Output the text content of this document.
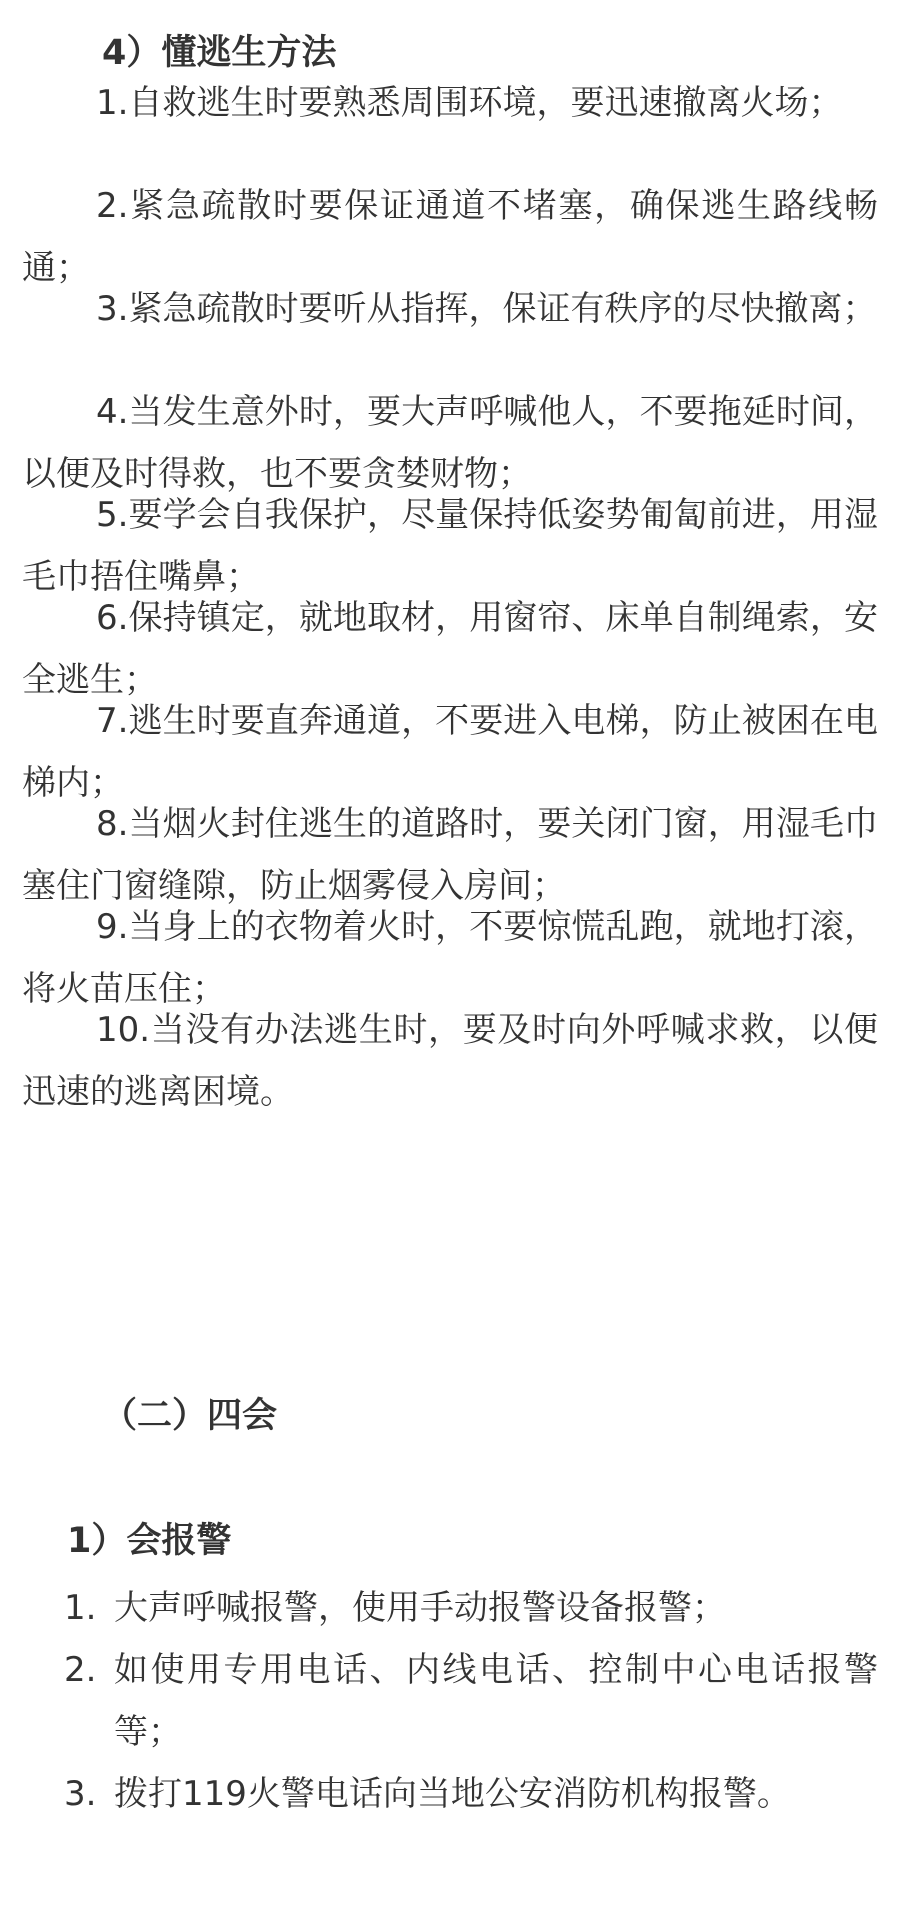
4）懂逃生方法

1.自救逃生时要熟悉周围环境，要迅速撤离火场；

2.紧急疏散时要保证通道不堵塞，确保逃生路线畅通；

3.紧急疏散时要听从指挥，保证有秩序的尽快撤离；

4.当发生意外时，要大声呼喊他人，不要拖延时间，以便及时得救，也不要贪婪财物；

5.要学会自我保护，尽量保持低姿势匍匐前进，用湿毛巾捂住嘴鼻；

6.保持镇定，就地取材，用窗帘、床单自制绳索，安全逃生；

7.逃生时要直奔通道，不要进入电梯，防止被困在电梯内；

8.当烟火封住逃生的道路时，要关闭门窗，用湿毛巾塞住门窗缝隙，防止烟雾侵入房间；

9.当身上的衣物着火时，不要惊慌乱跑，就地打滚，将火苗压住；

10.当没有办法逃生时，要及时向外呼喊求救，以便迅速的逃离困境。

（二）四会
1）会报警
1. 大声呼喊报警，使用手动报警设备报警；
2. 如使用专用电话、内线电话、控制中心电话报警等；
3. 拨打119火警电话向当地公安消防机构报警。
